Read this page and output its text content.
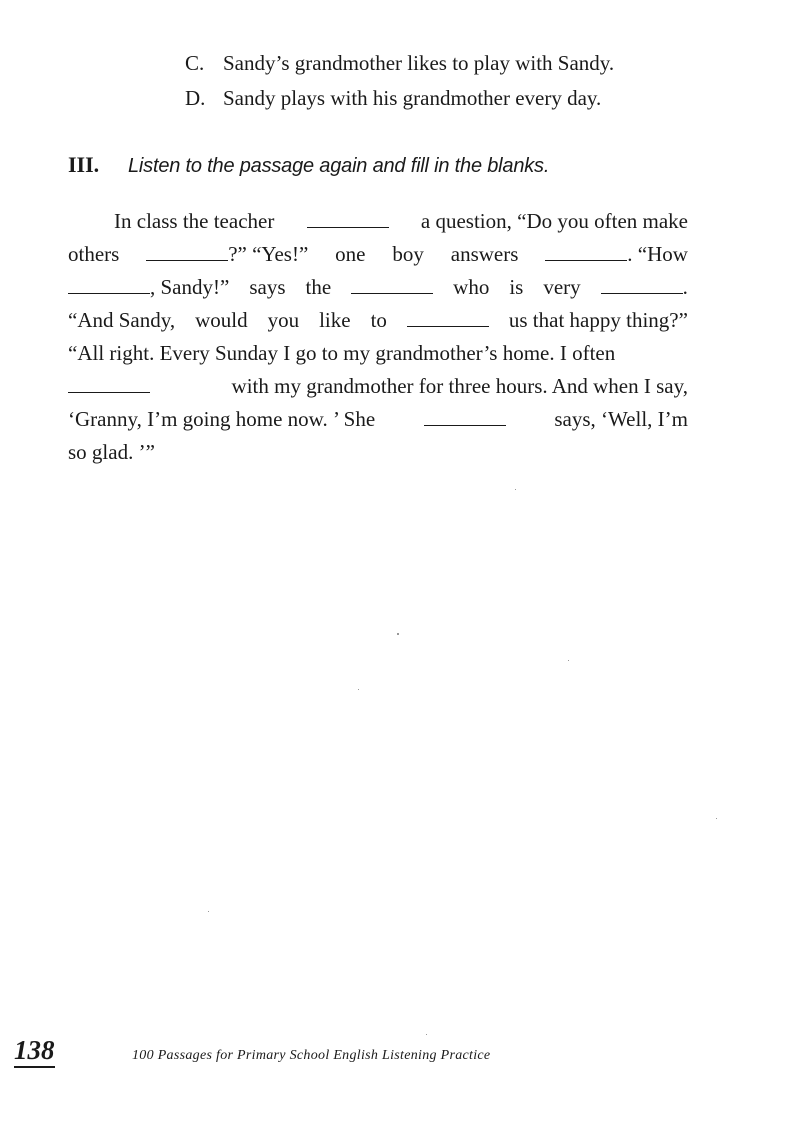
C. Sandy’s grandmother likes to play with Sandy.
D. Sandy plays with his grandmother every day.
III. Listen to the passage again and fill in the blanks.
In class the teacher	a question, “Do you often make
others	?” “Yes!” one boy answers	. “How
, Sandy!” says the	who is very	.
“And Sandy, would you like to	us that happy thing?”
“All right. Every Sunday I go to my grandmother’s home. I often
with my grandmother for three hours. And when I say,
‘Granny, I’m going home now. ’ She	says, ‘Well, I’m
so glad. ’”
138	100 Passages for Primary School English Listening Practice
